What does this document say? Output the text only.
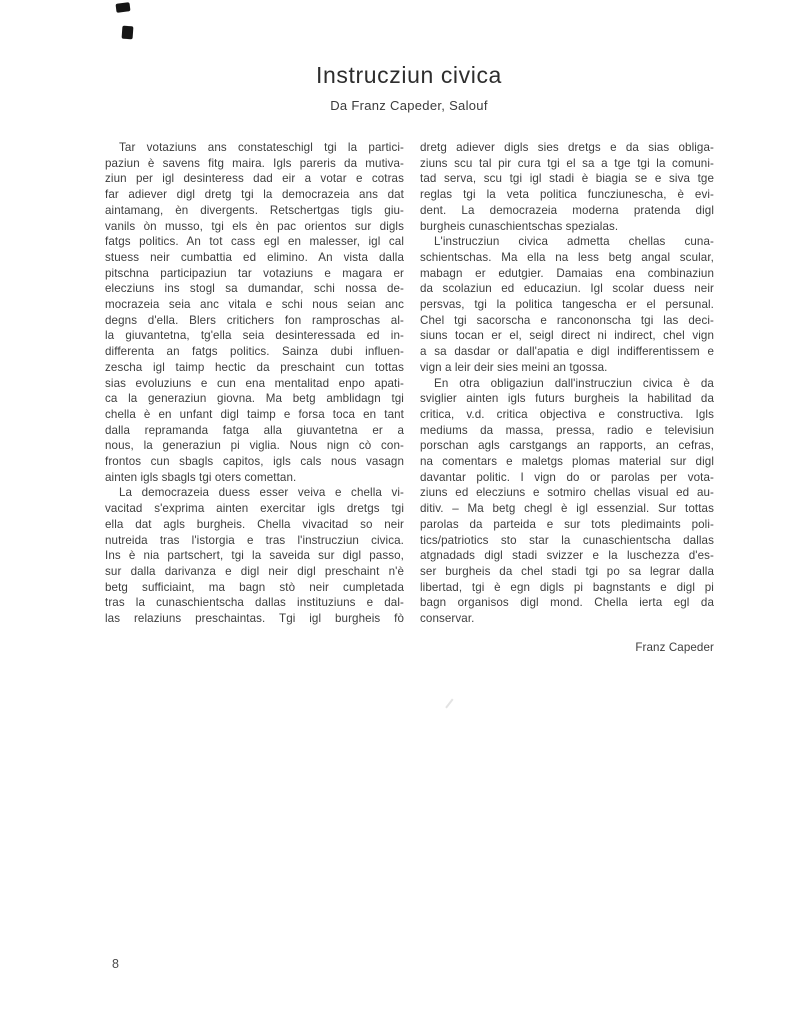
Instrucziun civica
Da Franz Capeder, Salouf
Tar votaziuns ans constateschigl tgi la partici-
paziun è savens fitg maira. Igls pareris da mutiva-
ziun per igl desinteress dad eir a votar e cotras
far adiever digl dretg tgi la democrazeia ans dat
aintamang, èn divergents. Retschertgas tigls giu-
vanils òn musso, tgi els èn pac orientos sur digls
fatgs politics. An tot cass egl en malesser, igl cal
stuess neir cumbattia ed elimino. An vista dalla
pitschna participaziun tar votaziuns e magara er
elecziuns ins stogl sa dumandar, schi nossa de-
mocrazeia seia anc vitala e schi nous seian anc
degns d'ella. Blers critichers fon ramproschas al-
la giuvantetna, tg'ella seia desinteressada ed in-
differenta an fatgs politics. Sainza dubi influen-
zescha igl taimp hectic da preschaint cun tottas
sias evoluziuns e cun ena mentalitad enpo apati-
ca la generaziun giovna. Ma betg amblidagn tgi
chella è en unfant digl taimp e forsa toca en tant
dalla repramanda fatga alla giuvantetna er a
nous, la generaziun pi viglia. Nous nign cò con-
frontos cun sbagls capitos, igls cals nous vasagn
ainten igls sbagls tgi oters comettan.
La democrazeia duess esser veiva e chella vi-
vacitad s'exprima ainten exercitar igls dretgs tgi
ella dat agls burgheis. Chella vivacitad so neir
nutreida tras l'istorgia e tras l'instrucziun civica.
Ins è nia partschert, tgi la saveida sur digl passo,
sur dalla darivanza e digl neir digl preschaint n'è
betg sufficiaint, ma bagn stò neir cumpletada
tras la cunaschientscha dallas instituziuns e dal-
las relaziuns preschaintas. Tgi igl burgheis fò
dretg adiever digls sies dretgs e da sias obliga-
ziuns scu tal pir cura tgi el sa a tge tgi la comuni-
tad serva, scu tgi igl stadi è biagia se e siva tge
reglas tgi la veta politica funcziunescha, è evi-
dent. La democrazeia moderna pratenda digl
burgheis cunaschientschas spezialas.
L'instrucziun civica admetta chellas cuna-
schientschas. Ma ella na less betg angal scular,
mabagn er edutgier. Damaias ena combinaziun
da scolaziun ed educaziun. Igl scolar duess neir
persvas, tgi la politica tangescha er el persunal.
Chel tgi sacorscha e rancononscha tgi las deci-
siuns tocan er el, seigl direct ni indirect, chel vign
a sa dasdar or dall'apatia e digl indifferentissem e
vign a leir deir sies meini an tgossa.
En otra obligaziun dall'instrucziun civica è da
sviglier ainten igls futurs burgheis la habilitad da
critica, v.d. critica objectiva e constructiva. Igls
mediums da massa, pressa, radio e televisiun
porschan agls carstgangs an rapports, an cefras,
na comentars e maletgs plomas material sur digl
davantar politic. I vign do or parolas per vota-
ziuns ed elecziuns e sotmiro chellas visual ed au-
ditiv. – Ma betg chegl è igl essenzial. Sur tottas
parolas da parteida e sur tots pledimaints poli-
tics/patriotics sto star la cunaschientscha dallas
atgnadads digl stadi svizzer e la luschezza d'es-
ser burgheis da chel stadi tgi po sa legrar dalla
libertad, tgi è egn digls pi bagnstants e digl pi
bagn organisos digl mond. Chella ierta egl da
conservar.
Franz Capeder
8
